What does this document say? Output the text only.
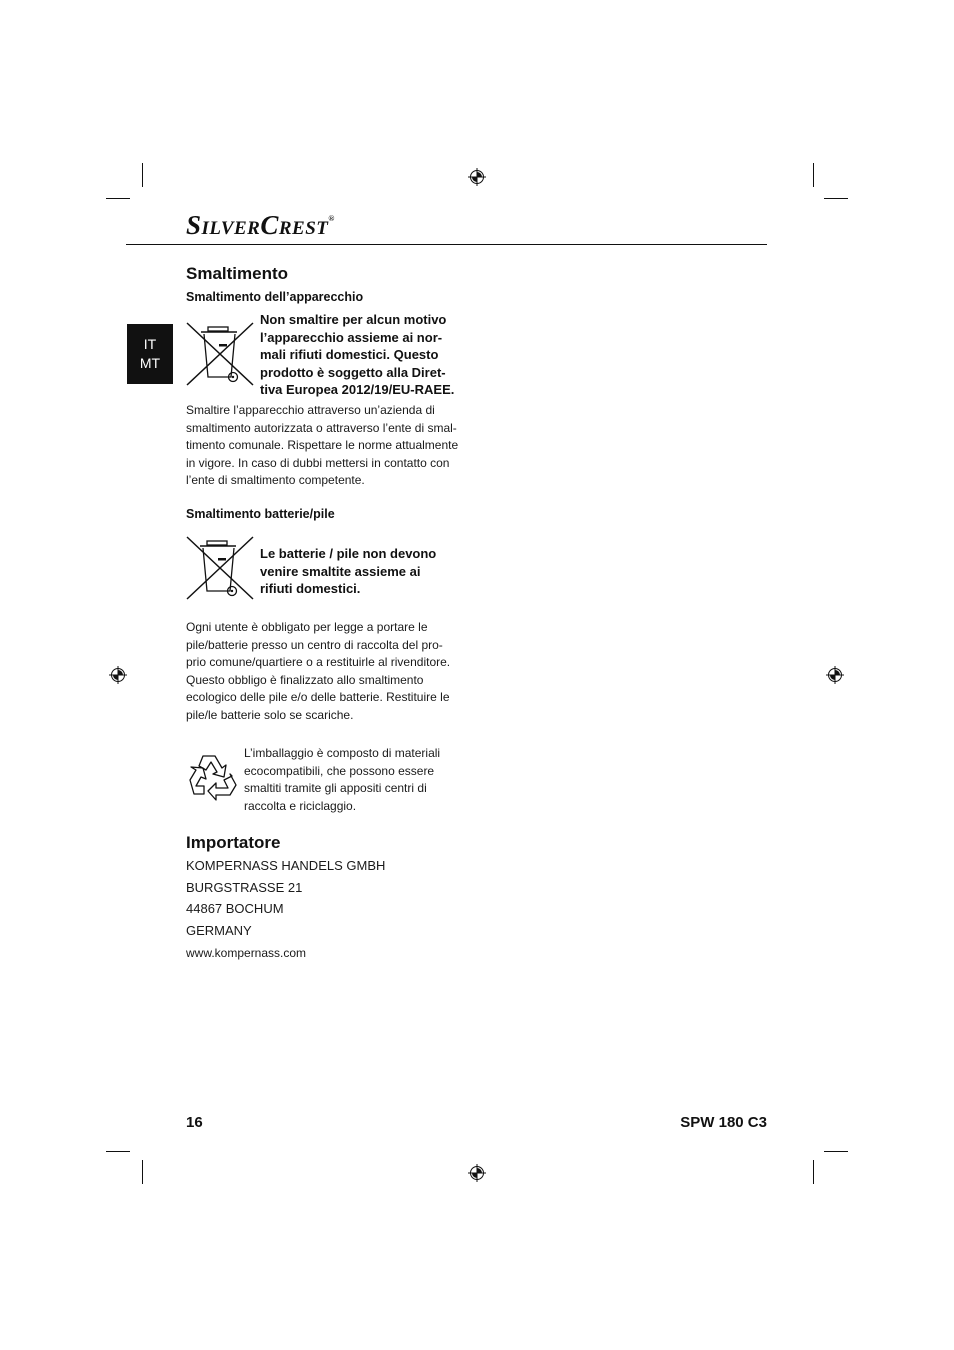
SILVERCREST®
IT
MT
Smaltimento
Smaltimento dell’apparecchio
Non smaltire per alcun motivo
l’apparecchio assieme ai nor-
mali rifiuti domestici. Questo
prodotto è soggetto alla Diret-
tiva Europea 2012/19/EU-RAEE.
Smaltire l’apparecchio attraverso un’azienda di
smaltimento autorizzata o attraverso l’ente di smal-
timento comunale. Rispettare le norme attualmente
in vigore. In caso di dubbi mettersi in contatto con
l’ente di smaltimento competente.
Smaltimento batterie/pile
Le batterie / pile non devono
venire smaltite assieme ai
rifiuti domestici.
Ogni utente è obbligato per legge a portare le
pile/batterie presso un centro di raccolta del pro-
prio comune/quartiere o a restituirle al rivenditore.
Questo obbligo è finalizzato allo smaltimento
ecologico delle pile e/o delle batterie. Restituire le
pile/le batterie solo se scariche.
L’imballaggio è composto di materiali
ecocompatibili, che possono essere
smaltiti tramite gli appositi centri di
raccolta e riciclaggio.
Importatore
KOMPERNASS HANDELS GMBH
BURGSTRASSE 21
44867 BOCHUM
GERMANY
www.kompernass.com
16	SPW 180 C3
